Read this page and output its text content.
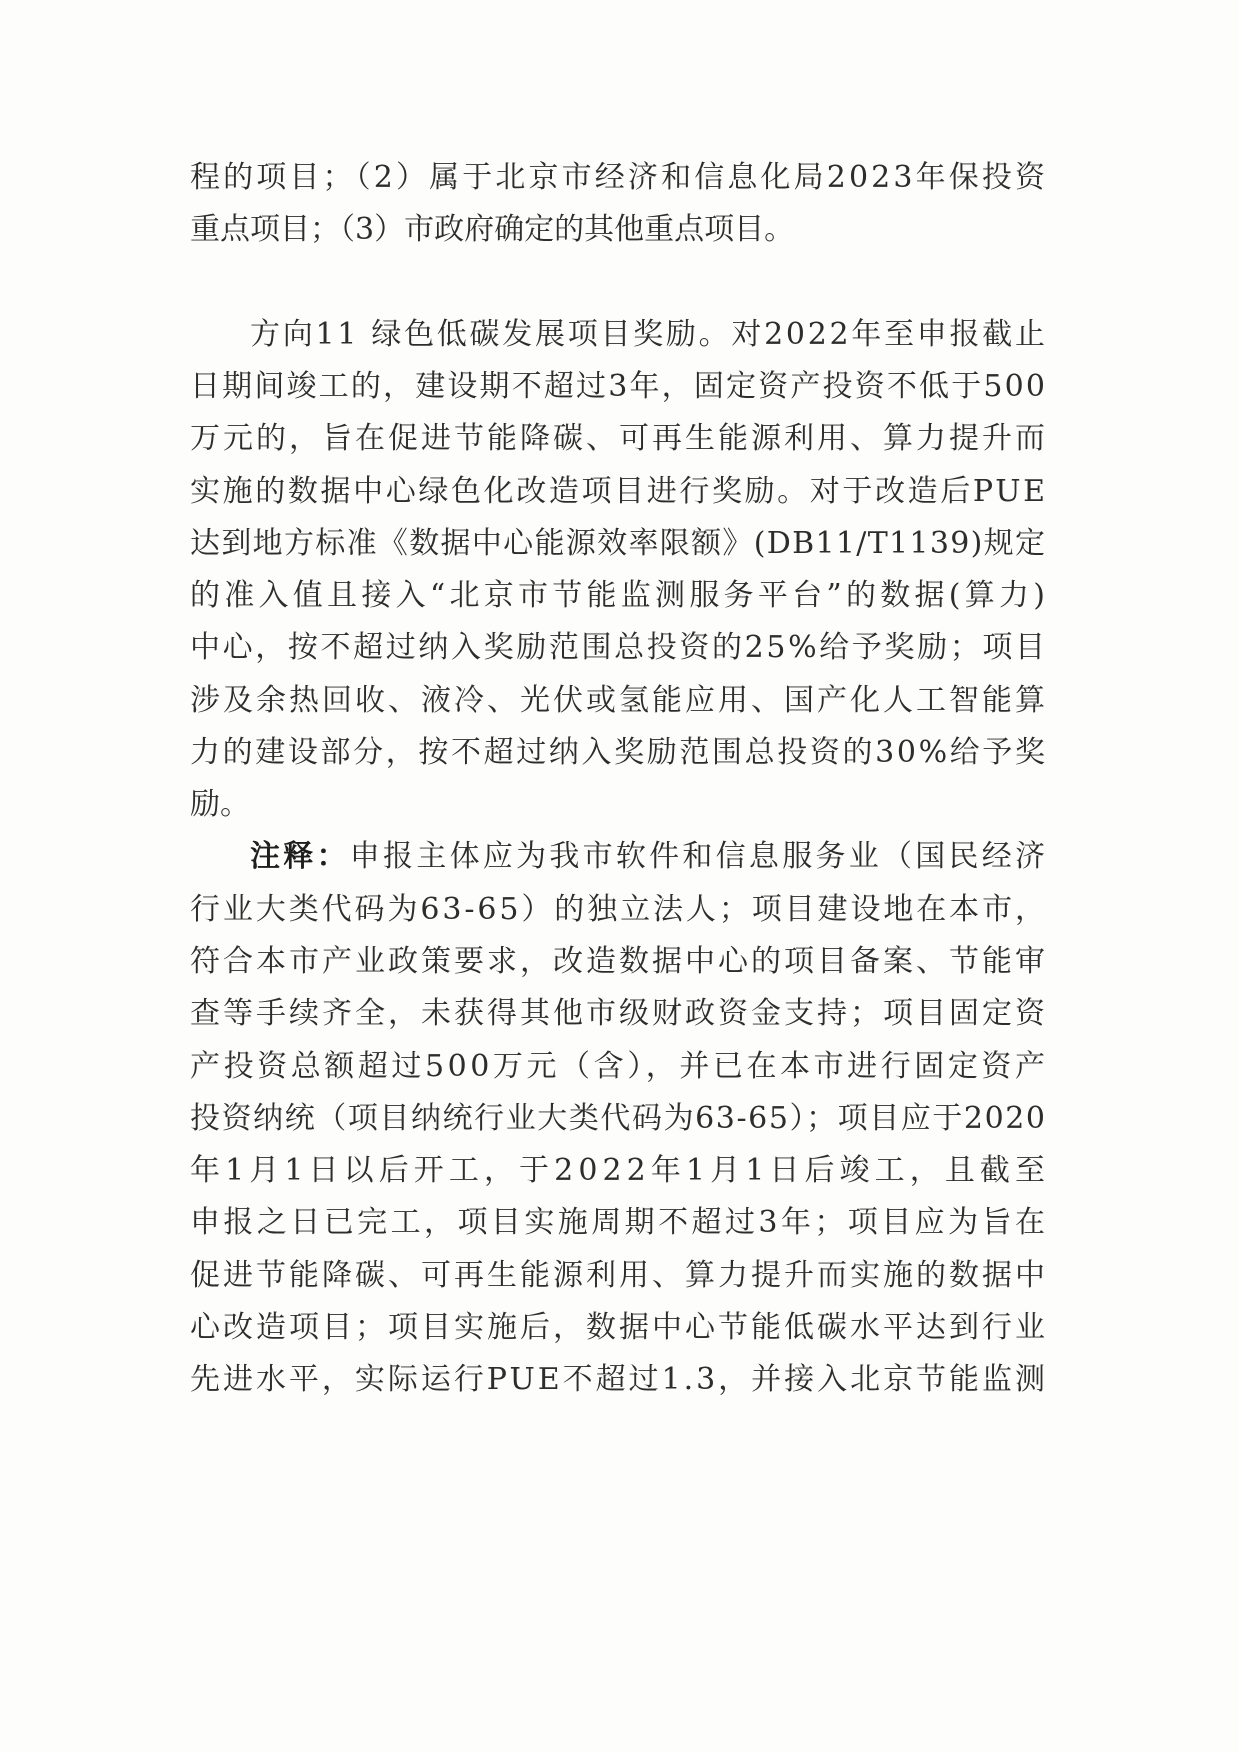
程的项目；（2）属于北京市经济和信息化局2023年保投资
重点项目；（3）市政府确定的其他重点项目。
方向11 绿色低碳发展项目奖励。对2022年至申报截止
日期间竣工的，建设期不超过3年，固定资产投资不低于500
万元的，旨在促进节能降碳、可再生能源利用、算力提升而
实施的数据中心绿色化改造项目进行奖励。对于改造后PUE
达到地方标准《数据中心能源效率限额》(DB11/T1139)规定
的准入值且接入“北京市节能监测服务平台”的数据(算力)
中心，按不超过纳入奖励范围总投资的25%给予奖励；项目
涉及余热回收、液冷、光伏或氢能应用、国产化人工智能算
力的建设部分，按不超过纳入奖励范围总投资的30%给予奖
励。
注释：申报主体应为我市软件和信息服务业（国民经济
行业大类代码为63-65）的独立法人；项目建设地在本市，
符合本市产业政策要求，改造数据中心的项目备案、节能审
查等手续齐全，未获得其他市级财政资金支持；项目固定资
产投资总额超过500万元（含），并已在本市进行固定资产
投资纳统（项目纳统行业大类代码为63-65）；项目应于2020
年1月1日以后开工，于2022年1月1日后竣工，且截至
申报之日已完工，项目实施周期不超过3年；项目应为旨在
促进节能降碳、可再生能源利用、算力提升而实施的数据中
心改造项目；项目实施后，数据中心节能低碳水平达到行业
先进水平，实际运行PUE不超过1.3，并接入北京节能监测
